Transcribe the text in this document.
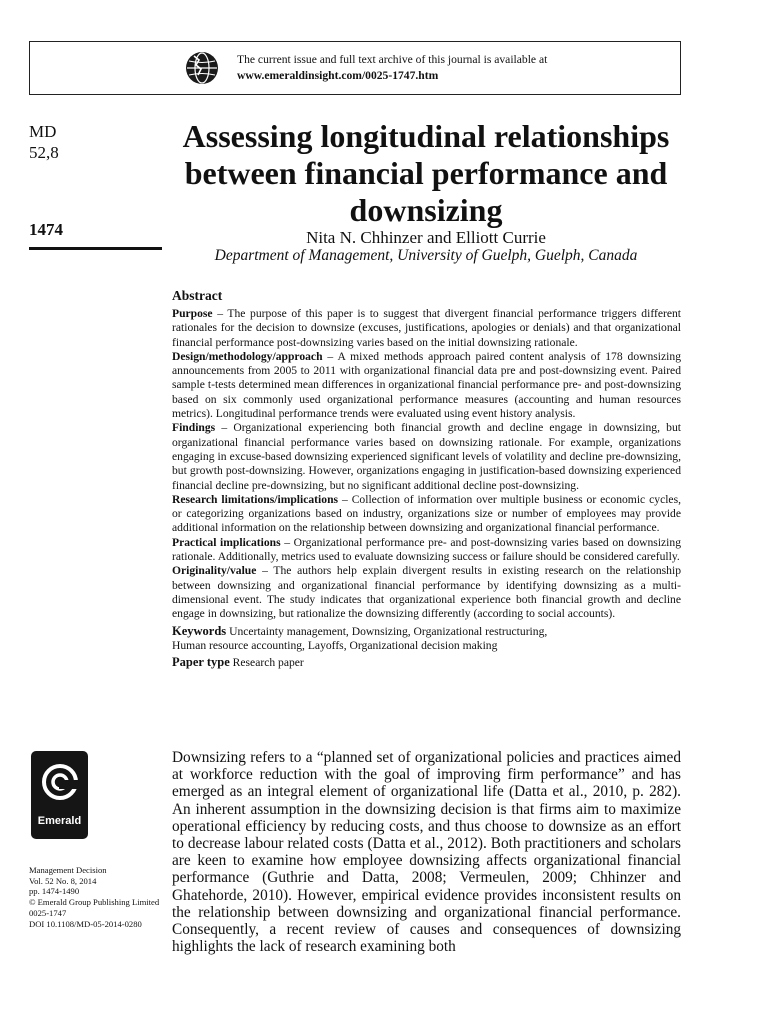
The current issue and full text archive of this journal is available at
www.emeraldinsight.com/0025-1747.htm
MD
52,8
1474
Assessing longitudinal relationships between financial performance and downsizing
Nita N. Chhinzer and Elliott Currie
Department of Management, University of Guelph, Guelph, Canada
Abstract
Purpose – The purpose of this paper is to suggest that divergent financial performance triggers different rationales for the decision to downsize (excuses, justifications, apologies or denials) and that organizational financial performance post-downsizing varies based on the initial downsizing rationale.
Design/methodology/approach – A mixed methods approach paired content analysis of 178 downsizing announcements from 2005 to 2011 with organizational financial data pre and post-downsizing event. Paired sample t-tests determined mean differences in organizational financial performance pre- and post-downsizing based on six commonly used organizational performance measures (accounting and human resources metrics). Longitudinal performance trends were evaluated using event history analysis.
Findings – Organizational experiencing both financial growth and decline engage in downsizing, but organizational financial performance varies based on downsizing rationale. For example, organizations engaging in excuse-based downsizing experienced significant levels of volatility and decline pre-downsizing, but growth post-downsizing. However, organizations engaging in justification-based downsizing experienced financial decline pre-downsizing, but no significant additional decline post-downsizing.
Research limitations/implications – Collection of information over multiple business or economic cycles, or categorizing organizations based on industry, organizations size or number of employees may provide additional information on the relationship between downsizing and organizational financial performance.
Practical implications – Organizational performance pre- and post-downsizing varies based on downsizing rationale. Additionally, metrics used to evaluate downsizing success or failure should be considered carefully.
Originality/value – The authors help explain divergent results in existing research on the relationship between downsizing and organizational financial performance by identifying downsizing as a multi-dimensional event. The study indicates that organizational experience both financial growth and decline engage in downsizing, but rationalize the downsizing differently (according to social accounts).
Keywords Uncertainty management, Downsizing, Organizational restructuring,
Human resource accounting, Layoffs, Organizational decision making
Paper type Research paper
Emerald
Management Decision
Vol. 52 No. 8, 2014
pp. 1474-1490
© Emerald Group Publishing Limited
0025-1747
DOI 10.1108/MD-05-2014-0280
Downsizing refers to a “planned set of organizational policies and practices aimed at workforce reduction with the goal of improving firm performance” and has emerged as an integral element of organizational life (Datta et al., 2010, p. 282). An inherent assumption in the downsizing decision is that firms aim to maximize operational efficiency by reducing costs, and thus choose to downsize as an effort to decrease labour related costs (Datta et al., 2012). Both practitioners and scholars are keen to examine how employee downsizing affects organizational financial performance (Guthrie and Datta, 2008; Vermeulen, 2009; Chhinzer and Ghatehorde, 2010). However, empirical evidence provides inconsistent results on the relationship between downsizing and organizational financial performance. Consequently, a recent review of causes and consequences of downsizing highlights the lack of research examining both
